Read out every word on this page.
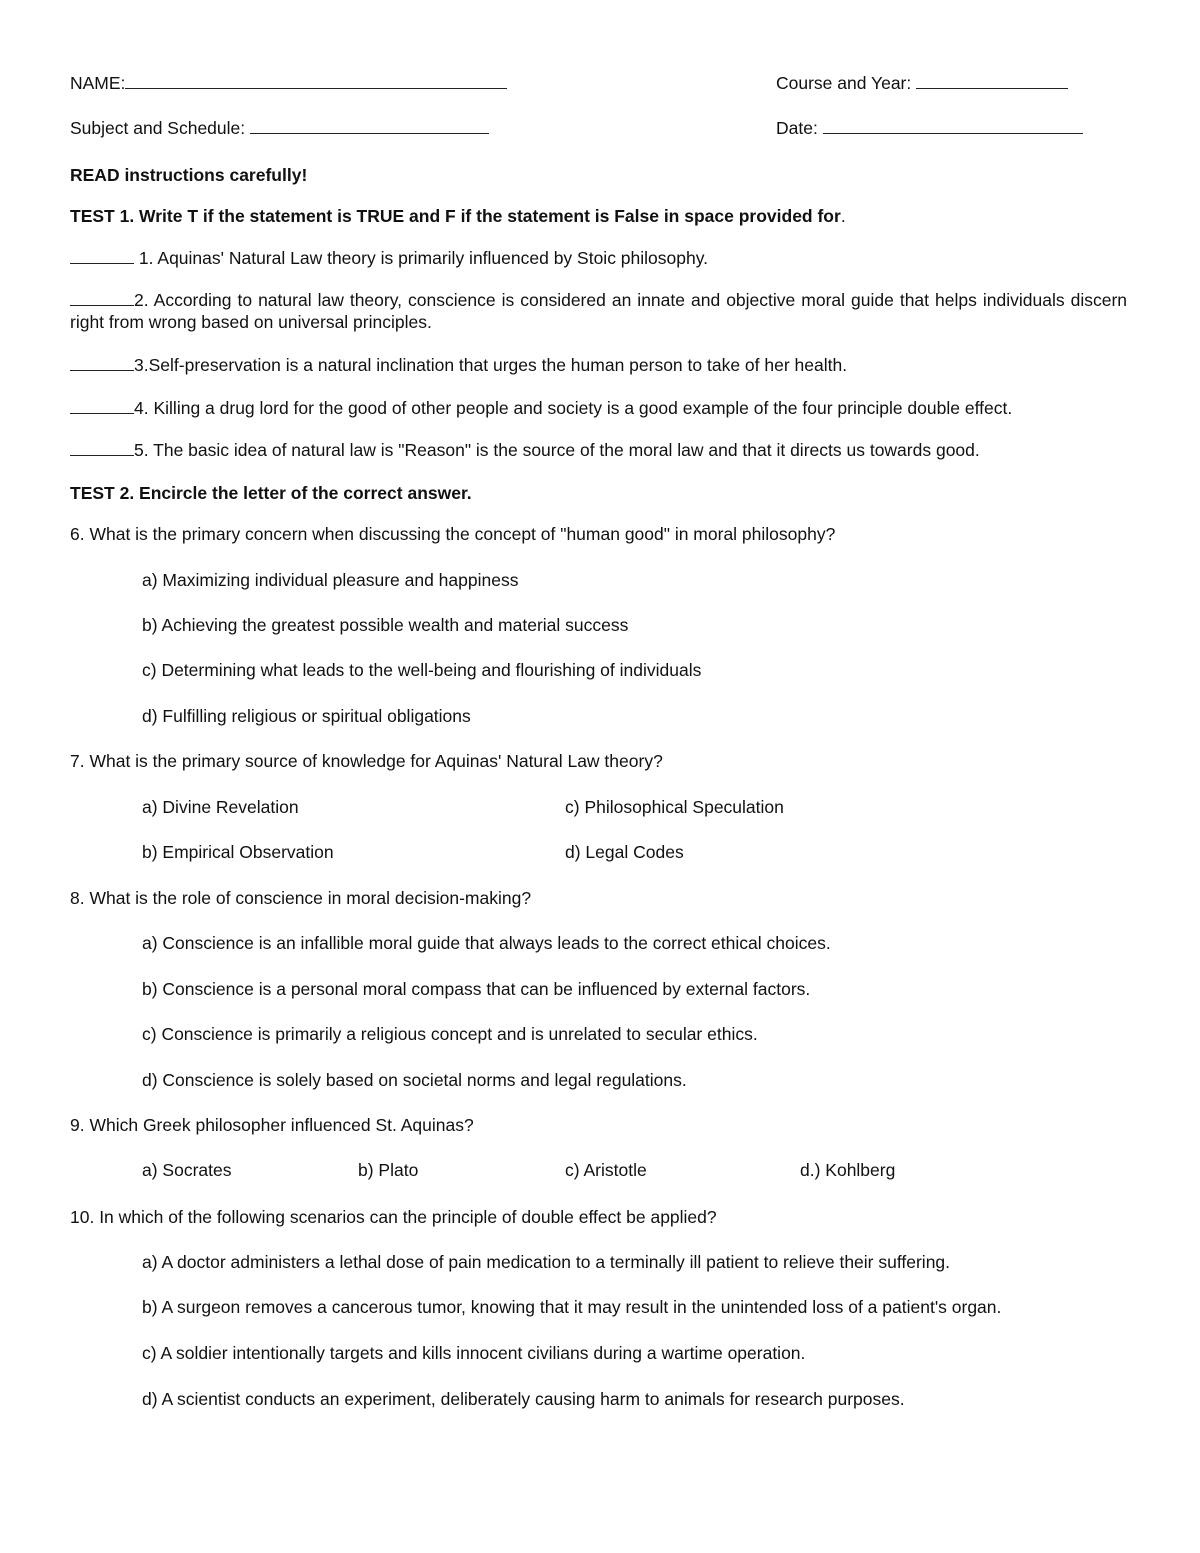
NAME:	Course and Year:
Subject and Schedule:	Date:
READ instructions carefully!
TEST 1. Write T if the statement is TRUE and F if the statement is False in space provided for.
1. Aquinas' Natural Law theory is primarily influenced by Stoic philosophy.
2. According to natural law theory, conscience is considered an innate and objective moral guide that helps individuals discern right from wrong based on universal principles.
3.Self-preservation is a natural inclination that urges the human person to take of her health.
4. Killing a drug lord for the good of other people and society is a good example of the four principle double effect.
5. The basic idea of natural law is "Reason" is the source of the moral law and that it directs us towards good.
TEST 2. Encircle the letter of the correct answer.
6. What is the primary concern when discussing the concept of "human good" in moral philosophy?
a) Maximizing individual pleasure and happiness
b) Achieving the greatest possible wealth and material success
c) Determining what leads to the well-being and flourishing of individuals
d) Fulfilling religious or spiritual obligations
7. What is the primary source of knowledge for Aquinas' Natural Law theory?
a) Divine Revelation	c) Philosophical Speculation
b) Empirical Observation	d) Legal Codes
8. What is the role of conscience in moral decision-making?
a) Conscience is an infallible moral guide that always leads to the correct ethical choices.
b) Conscience is a personal moral compass that can be influenced by external factors.
c) Conscience is primarily a religious concept and is unrelated to secular ethics.
d) Conscience is solely based on societal norms and legal regulations.
9. Which Greek philosopher influenced St. Aquinas?
a) Socrates	b) Plato	c) Aristotle	d.) Kohlberg
10. In which of the following scenarios can the principle of double effect be applied?
a) A doctor administers a lethal dose of pain medication to a terminally ill patient to relieve their suffering.
b) A surgeon removes a cancerous tumor, knowing that it may result in the unintended loss of a patient's organ.
c) A soldier intentionally targets and kills innocent civilians during a wartime operation.
d) A scientist conducts an experiment, deliberately causing harm to animals for research purposes.
